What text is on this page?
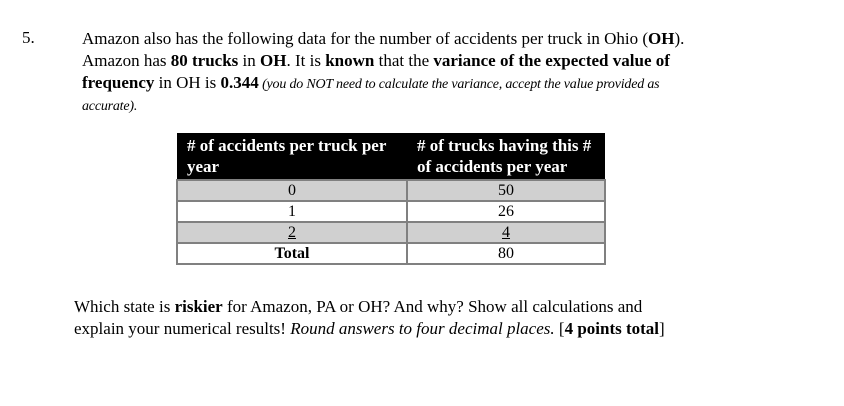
5.	Amazon also has the following data for the number of accidents per truck in Ohio (OH).
Amazon has 80 trucks in OH. It is known that the variance of the expected value of
frequency in OH is 0.344 (you do NOT need to calculate the variance, accept the value provided as
accurate).
# of accidents per truck per year	# of trucks having this # of accidents per year
0	50
1	26
2	4
Total	80
Which state is riskier for Amazon, PA or OH? And why? Show all calculations and
explain your numerical results! Round answers to four decimal places. [4 points total]
